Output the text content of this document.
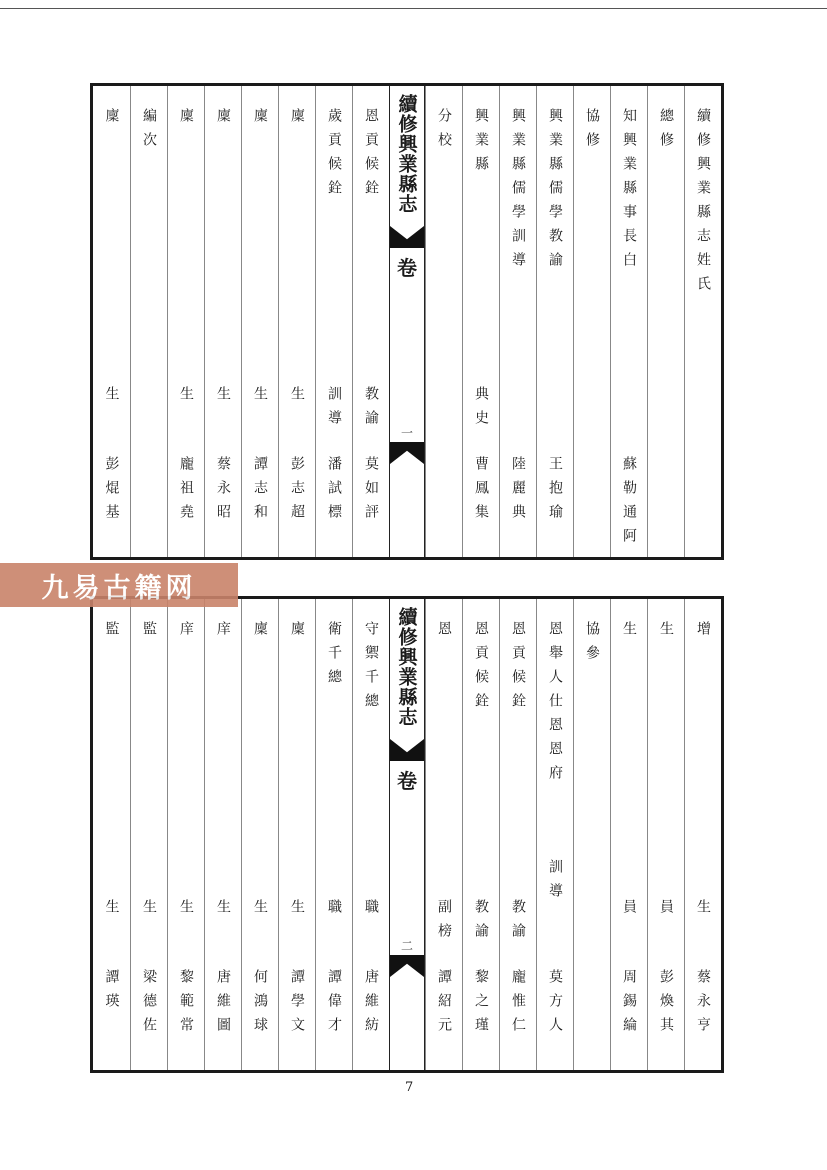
續修興業縣志姓氏
總修
知興業縣事長白
蘇勒通阿
協修
興業縣儒學教諭
王抱瑜
興業縣儒學訓導
陸麗典
興業縣
典史
曹鳳集
分校
恩貢候銓
教諭
莫如評
歲貢候銓
訓導
潘試標
廩
生
彭志超
廩
生
譚志和
廩
生
蔡永昭
廩
生
龐祖堯
編次
廩
生
彭焜基
續修興業縣志
卷
一
增
生
蔡永亨
生
員
彭煥其
生
員
周錫綸
協參
恩舉人仕恩恩府
訓導
莫方人
恩貢候銓
教諭
龐惟仁
恩貢候銓
教諭
黎之瑾
恩
副榜
譚紹元
守禦千總
職
唐維紡
衛千總
職
譚偉才
廩
生
譚學文
廩
生
何鴻球
庠
生
唐維圖
庠
生
黎範常
監
生
梁德佐
監
生
譚瑛
續修興業縣志
卷
二
九易古籍网
7
